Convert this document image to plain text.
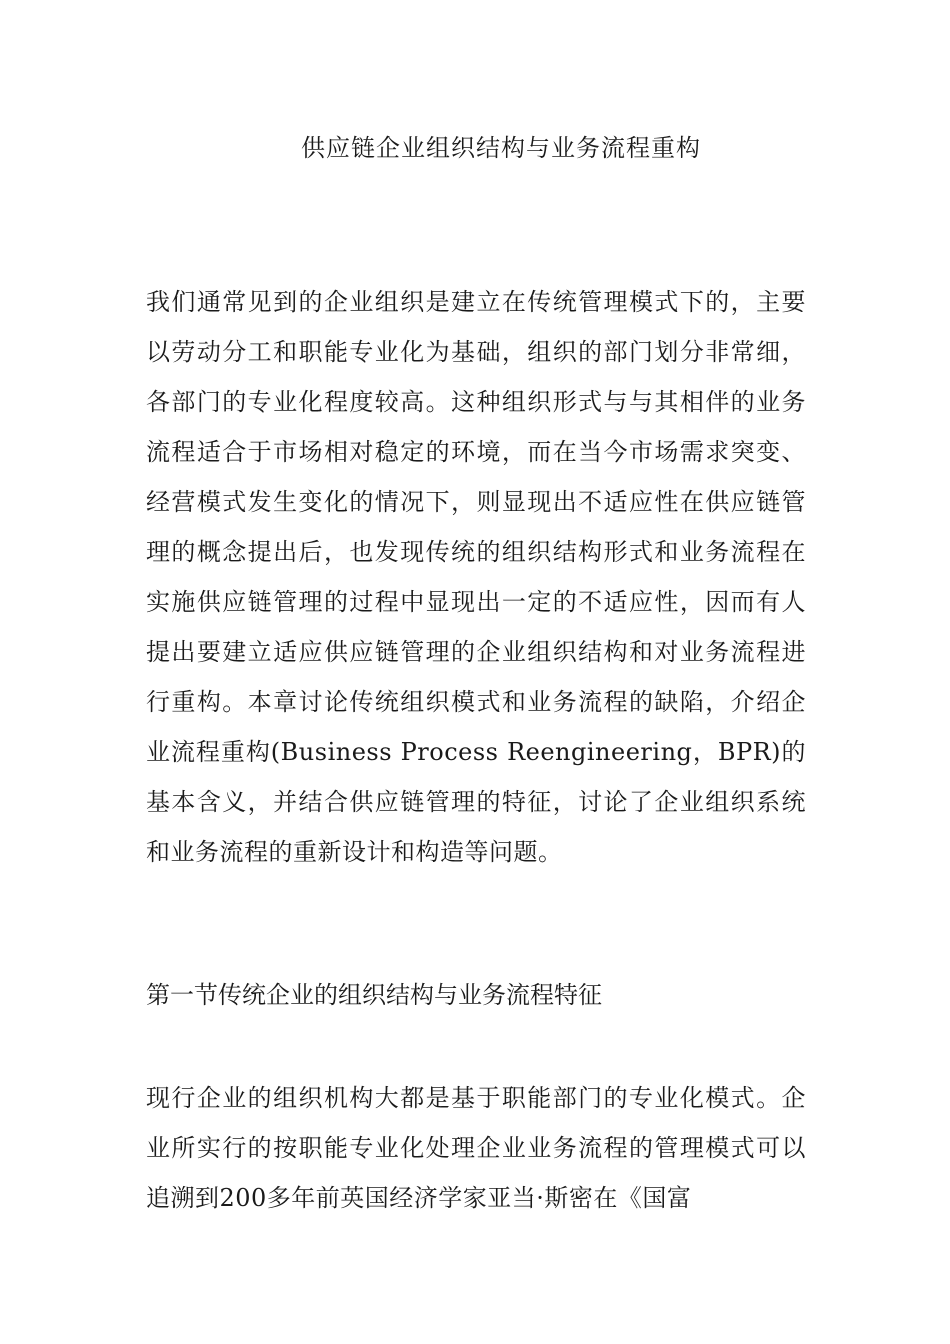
供应链企业组织结构与业务流程重构

我们通常见到的企业组织是建立在传统管理模式下的，主要以劳动分工和职能专业化为基础，组织的部门划分非常细，各部门的专业化程度较高。这种组织形式与与其相伴的业务流程适合于市场相对稳定的环境，而在当今市场需求突变、经营模式发生变化的情况下，则显现出不适应性在供应链管理的概念提出后，也发现传统的组织结构形式和业务流程在实施供应链管理的过程中显现出一定的不适应性，因而有人提出要建立适应供应链管理的企业组织结构和对业务流程进行重构。本章讨论传统组织模式和业务流程的缺陷，介绍企业流程重构(Business Process Reengineering，BPR)的基本含义，并结合供应链管理的特征，讨论了企业组织系统和业务流程的重新设计和构造等问题。

第一节传统企业的组织结构与业务流程特征

现行企业的组织机构大都是基于职能部门的专业化模式。企业所实行的按职能专业化处理企业业务流程的管理模式可以追溯到200多年前英国经济学家亚当·斯密在《国富
